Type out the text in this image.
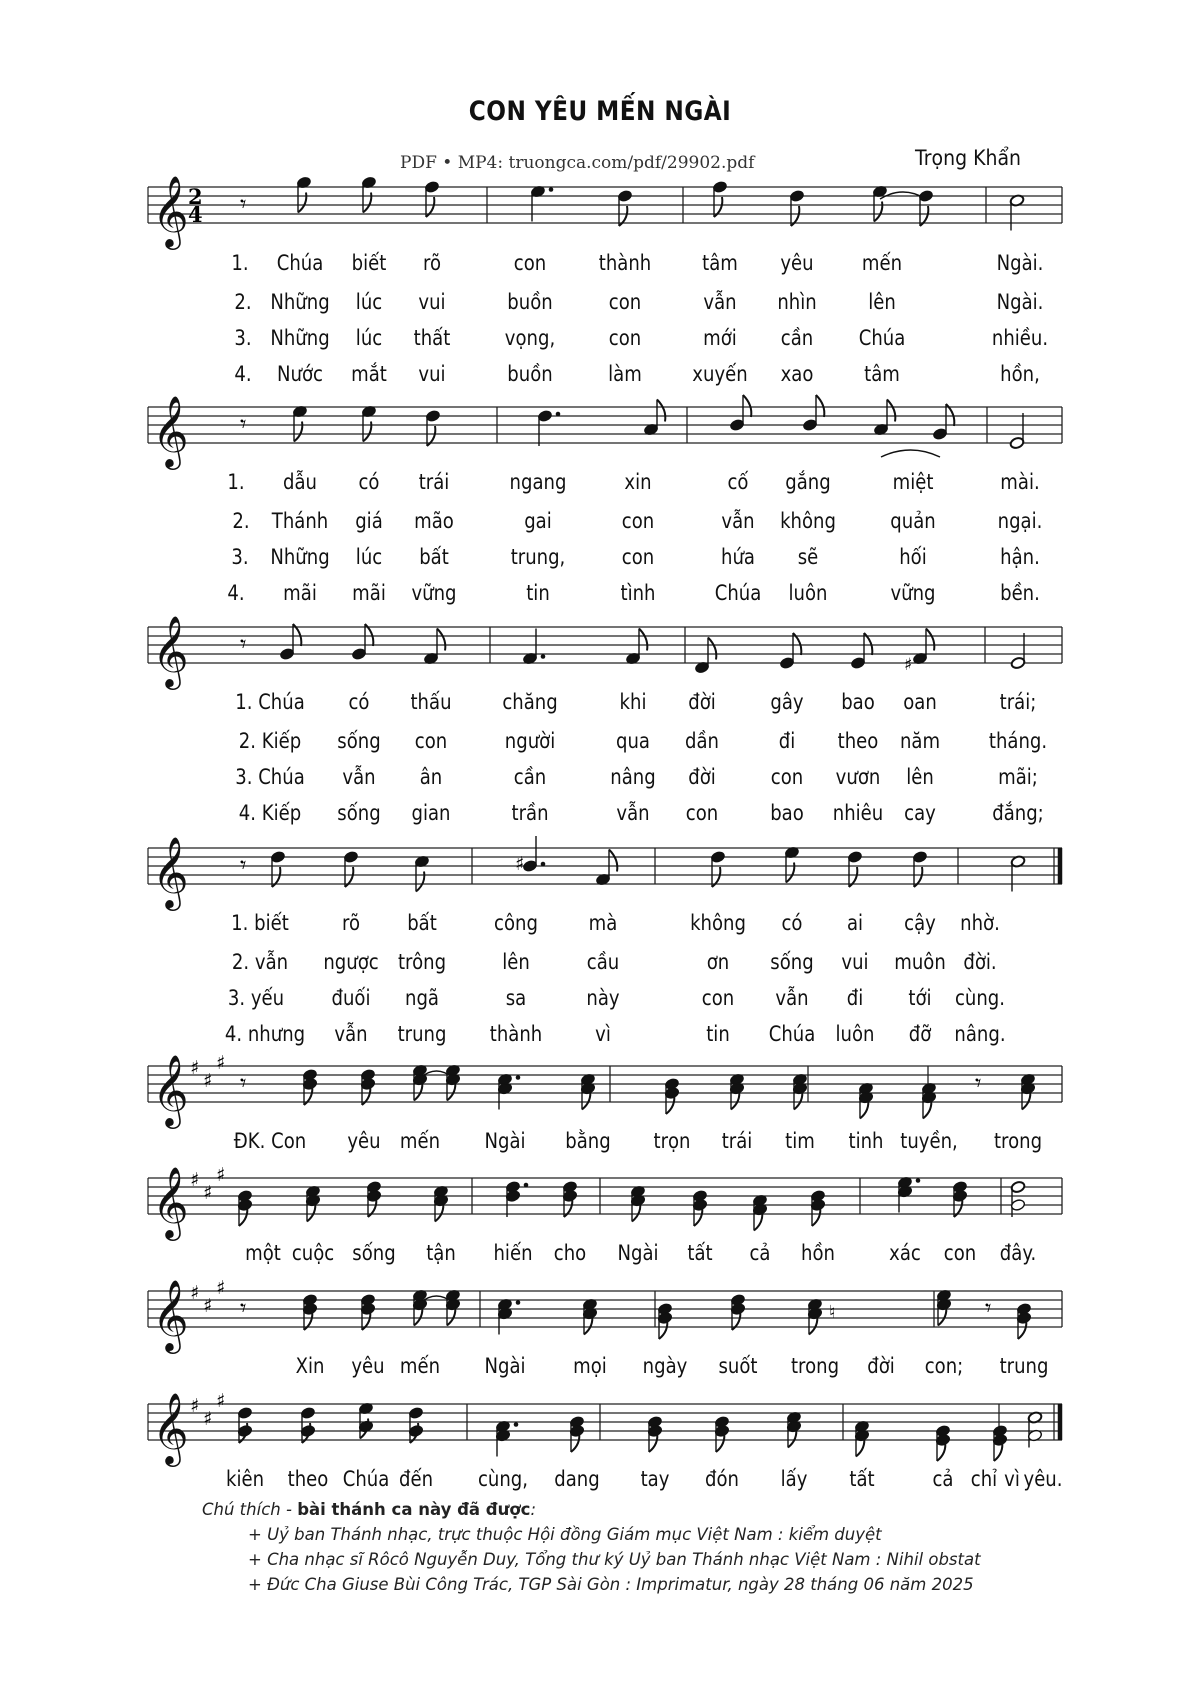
CON YÊU MẾN NGÀI
PDF • MP4: truongca.com/pdf/29902.pdf	Trọng Khẩn
𝄞 2
4
𝄞
𝄞
𝄞
𝄞 ♯
♯
♯
𝄞 ♯
♯
♯
𝄞 ♯
♯
♯
𝄞 ♯
♯
♯
𝄾
𝄾
𝄾
𝄾	♯
♯
𝄾	𝄾
𝄾	𝄾
♮
1. Chúa biết rõ	con	thành tâm yêu mến	Ngài.
2. Những lúc vui	buồn	con	vẫn nhìn lên	Ngài.
3. Những lúc thất	vọng,	con	mới cần Chúa	nhiều.
4. Nước mắt vui	buồn	làm xuyến xao tâm	hồn,
1. dẫu có trái	ngang	xin	cố gắng	miệt	mài.
2. Thánh giá mão	gai	con	vẫn không	quản	ngại.
3. Những lúc bất	trung,	con	hứa sẽ	hối	hận.
4. mãi mãi vững	tin	tình	Chúa luôn	vững	bền.
1. Chúa có thấu chăng	khi đời	gây bao oan	trái;
2. Kiếp sống con	người	qua dần	đi theo năm tháng.
3. Chúa vẫn ân	cần	nâng đời	con vươn lên	mãi;
4. Kiếp sống gian	trần	vẫn con bao nhiêu cay	đắng;
1. biết	rõ bất	công mà	không có ai cậy nhờ.
2. vẫn ngược trông	lên	cầu	ơn sống vui muôn đời.
3. yếu đuối ngã	sa	này	con vẫn đi tới cùng.
4. nhưng vẫn trung thành	vì	tin Chúa luôn đỡ nâng.
ĐK. Con yêu mến Ngài bằng trọn trái tim tinh tuyền, trong
một cuộc sống tận hiến cho Ngài tất cả hồn	xác con đây.
Xin yêu mến Ngài mọi ngày suốt trong đời con; trung
kiên theo Chúa đến cùng, dang tay đón lấy tất	cả chỉ vì yêu.
Chú thích - bài thánh ca này đã được:
+ Uỷ ban Thánh nhạc, trực thuộc Hội đồng Giám mục Việt Nam : kiểm duyệt
+ Cha nhạc sĩ Rôcô Nguyễn Duy, Tổng thư ký Uỷ ban Thánh nhạc Việt Nam : Nihil obstat
+ Đức Cha Giuse Bùi Công Trác, TGP Sài Gòn : Imprimatur, ngày 28 tháng 06 năm 2025
